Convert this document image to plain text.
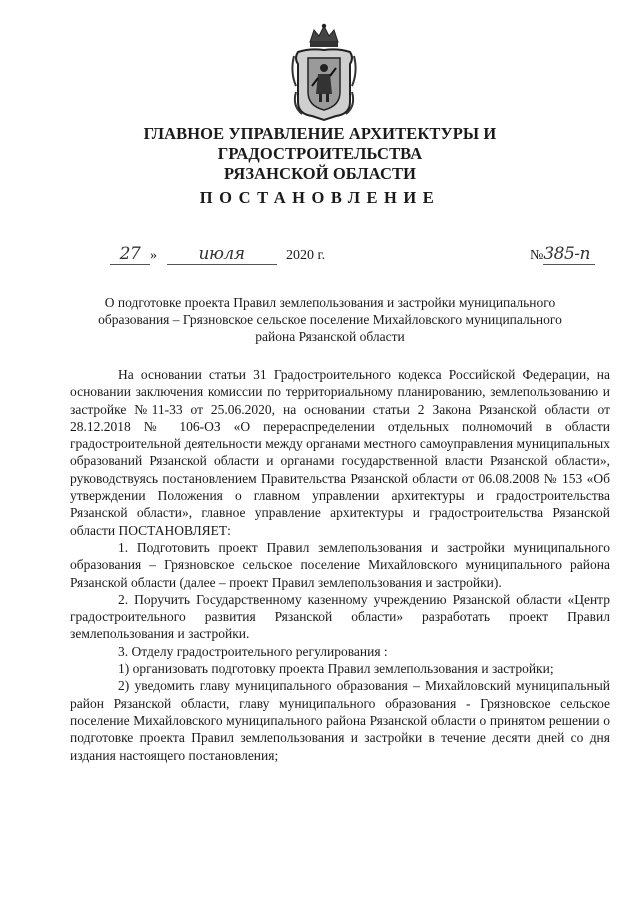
ГЛАВНОЕ УПРАВЛЕНИЕ АРХИТЕКТУРЫ И ГРАДОСТРОИТЕЛЬСТВА
РЯЗАНСКОЙ ОБЛАСТИ
ПОСТАНОВЛЕНИЕ
27 » июля	2020 г.	№385-п
О подготовке проекта Правил землепользования и застройки муниципального
образования – Грязновское сельское поселение Михайловского муниципального
района Рязанской области

На основании статьи 31 Градостроительного кодекса Российской Федерации, на основании заключения комиссии по территориальному планированию, землепользованию и застройке №11-33 от 25.06.2020, на основании статьи 2 Закона Рязанской области от 28.12.2018 № 106-ОЗ «О перераспределении отдельных полномочий в области градостроительной деятельности между органами местного самоуправления муниципальных образований Рязанской области и органами государственной власти Рязанской области», руководствуясь постановлением Правительства Рязанской области от 06.08.2008 № 153 «Об утверждении Положения о главном управлении архитектуры и градостроительства Рязанской области», главное управление архитектуры и градостроительства Рязанской области ПОСТАНОВЛЯЕТ:

1. Подготовить проект Правил землепользования и застройки муниципального образования – Грязновское сельское поселение Михайловского муниципального района Рязанской области (далее – проект Правил землепользования и застройки).

2. Поручить Государственному казенному учреждению Рязанской области «Центр градостроительного развития Рязанской области» разработать проект Правил землепользования и застройки.

3. Отделу градостроительного регулирования :

1) организовать подготовку проекта Правил землепользования и застройки;

2) уведомить главу муниципального образования – Михайловский муниципальный район Рязанской области, главу муниципального образования - Грязновское сельское поселение Михайловского муниципального района Рязанской области о принятом решении о подготовке проекта Правил землепользования и застройки в течение десяти дней со дня издания настоящего постановления;
